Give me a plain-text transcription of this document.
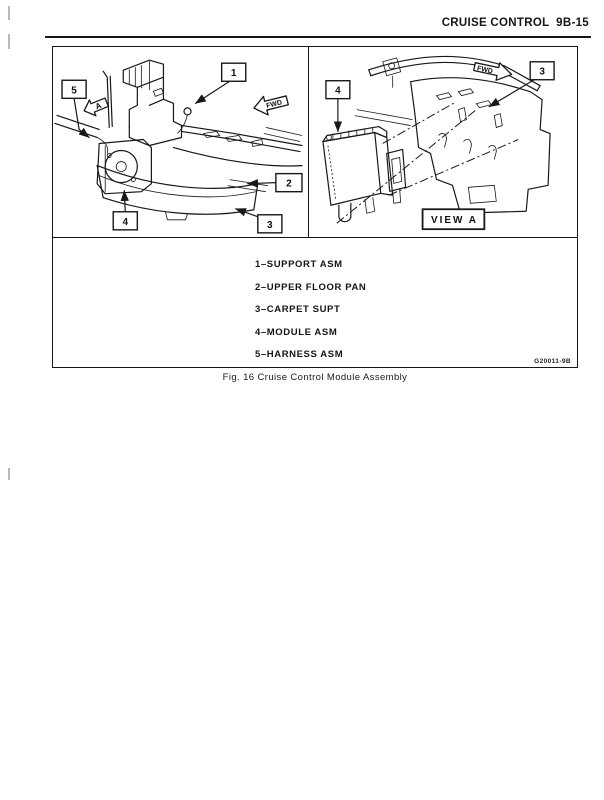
CRUISE CONTROL  9B-15
5
1
2
4	3
FWD
A
4
3
FWD
VIEW A
1–SUPPORT ASM
2–UPPER FLOOR PAN
3–CARPET SUPT
4–MODULE ASM
5–HARNESS ASM
G20011-9B
Fig. 16 Cruise Control Module Assembly
